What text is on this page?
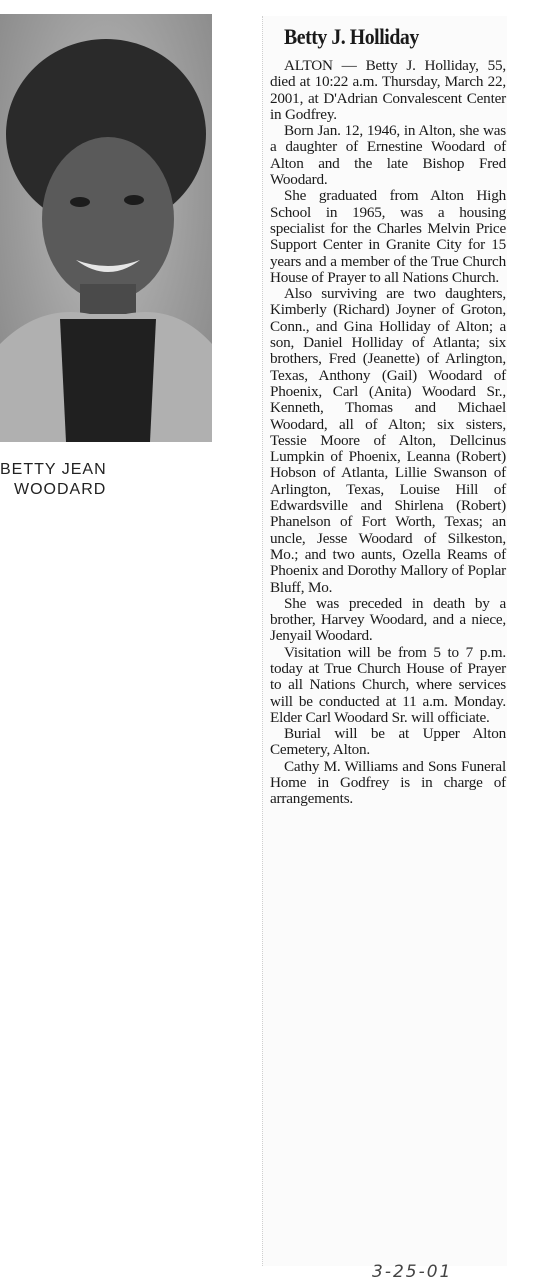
BETTY JEAN
WOODARD
Betty J. Holliday

ALTON — Betty J. Holliday, 55, died at 10:22 a.m. Thursday, March 22, 2001, at D'Adrian Convalescent Center in Godfrey.

Born Jan. 12, 1946, in Alton, she was a daughter of Ernestine Woodard of Alton and the late Bishop Fred Woodard.

She graduated from Alton High School in 1965, was a housing specialist for the Charles Melvin Price Support Center in Granite City for 15 years and a member of the True Church House of Prayer to all Nations Church.

Also surviving are two daughters, Kimberly (Richard) Joyner of Groton, Conn., and Gina Holliday of Alton; a son, Daniel Holliday of Atlanta; six brothers, Fred (Jeanette) of Arlington, Texas, Anthony (Gail) Woodard of Phoenix, Carl (Anita) Woodard Sr., Kenneth, Thomas and Michael Woodard, all of Alton; six sisters, Tessie Moore of Alton, Dellcinus Lumpkin of Phoenix, Leanna (Robert) Hobson of Atlanta, Lillie Swanson of Arlington, Texas, Louise Hill of Edwardsville and Shirlena (Robert) Phanelson of Fort Worth, Texas; an uncle, Jesse Woodard of Silkeston, Mo.; and two aunts, Ozella Reams of Phoenix and Dorothy Mallory of Poplar Bluff, Mo.

She was preceded in death by a brother, Harvey Woodard, and a niece, Jenyail Woodard.

Visitation will be from 5 to 7 p.m. today at True Church House of Prayer to all Nations Church, where services will be conducted at 11 a.m. Monday. Elder Carl Woodard Sr. will officiate.

Burial will be at Upper Alton Cemetery, Alton.

Cathy M. Williams and Sons Funeral Home in Godfrey is in charge of arrangements.

3-25-01
